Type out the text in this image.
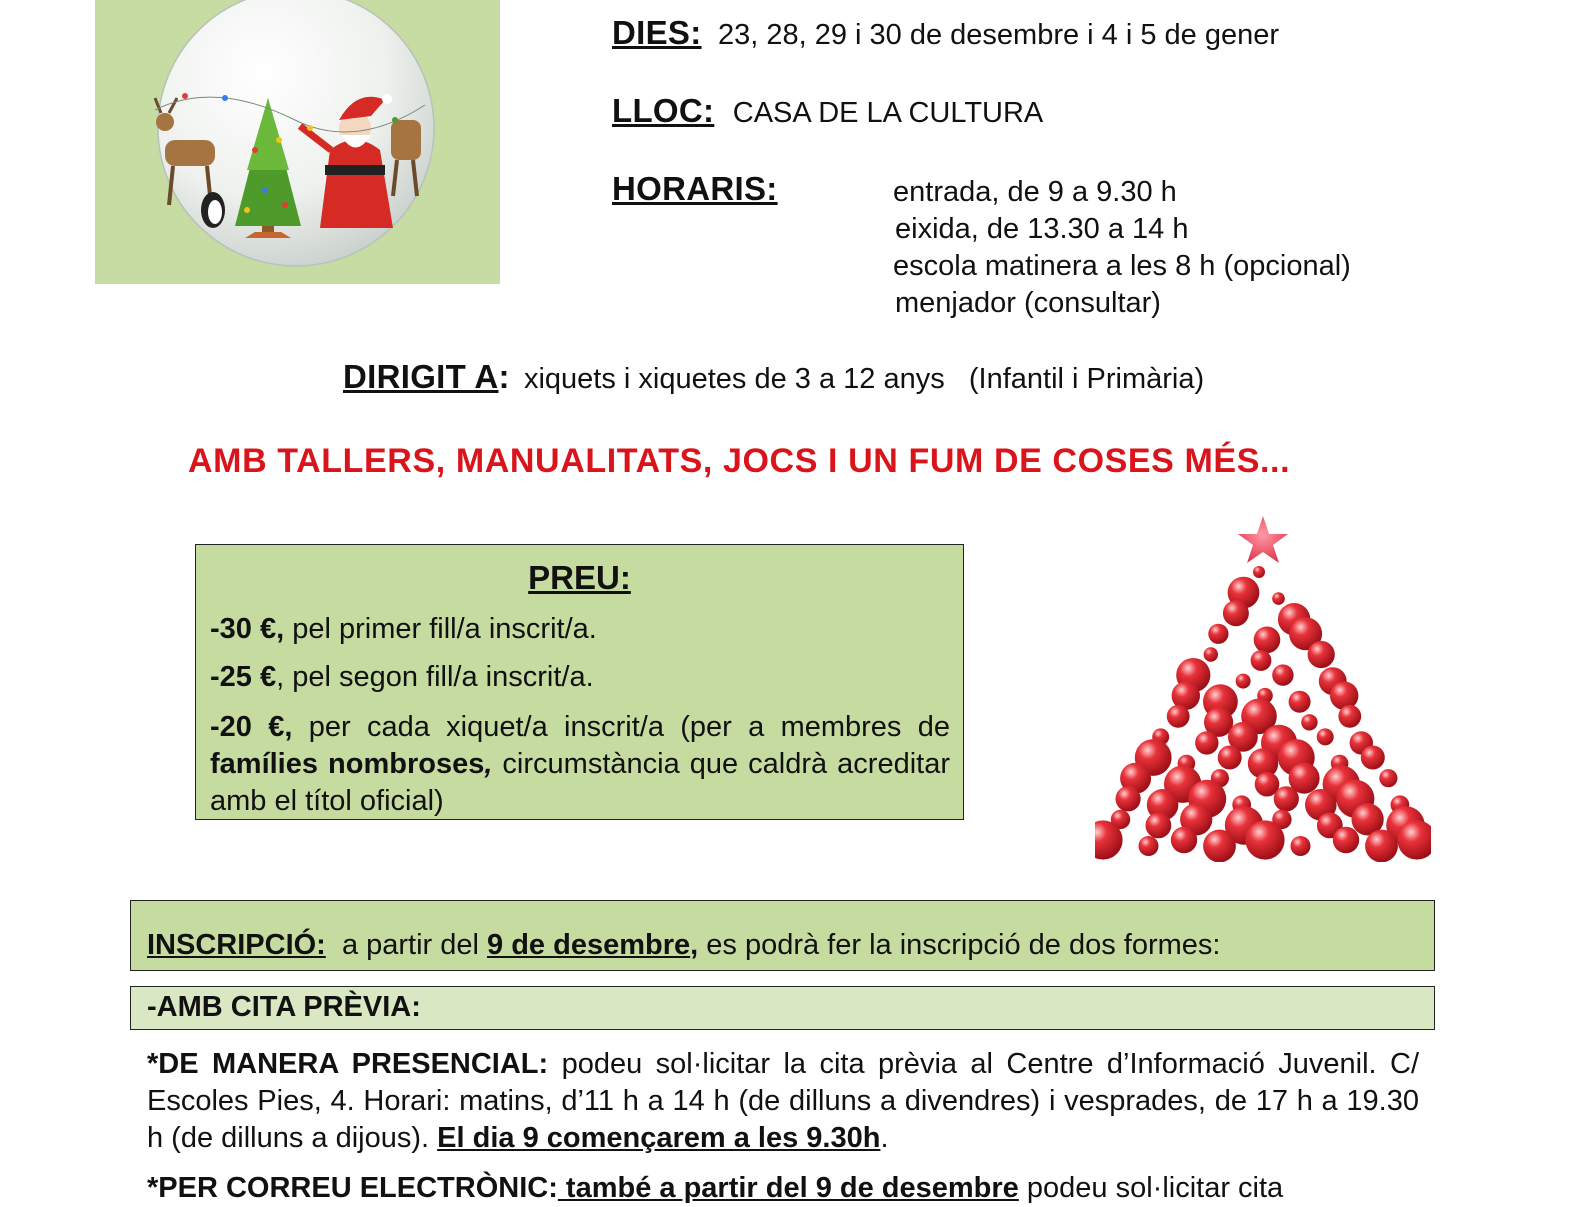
DIES: 23, 28, 29 i 30 de desembre i 4 i 5 de gener
LLOC: CASA DE LA CULTURA
HORARIS:	entrada, de 9 a 9.30 h
eixida, de 13.30 a 14 h
escola matinera a les 8 h (opcional)
menjador (consultar)
DIRIGIT A: xiquets i xiquetes de 3 a 12 anys   (Infantil i Primària)
AMB TALLERS, MANUALITATS, JOCS I UN FUM DE COSES MÉS...
PREU:
-30 €, pel primer fill/a inscrit/a.
-25 €, pel segon fill/a inscrit/a.
-20 €, per cada xiquet/a inscrit/a (per a membres de famílies nombroses, circumstància que caldrà acreditar amb el títol oficial)
INSCRIPCIÓ:  a partir del 9 de desembre, es podrà fer la inscripció de dos formes:
-AMB CITA PRÈVIA:
*DE MANERA PRESENCIAL: podeu sol·licitar la cita prèvia al Centre d’Informació Juvenil. C/ Escoles Pies, 4. Horari: matins, d’11 h a 14 h (de dilluns a divendres) i vesprades, de 17 h a 19.30 h (de dilluns a dijous). El dia 9 començarem a les 9.30h.
*PER CORREU ELECTRÒNIC: també a partir del 9 de desembre podeu sol·licitar cita
